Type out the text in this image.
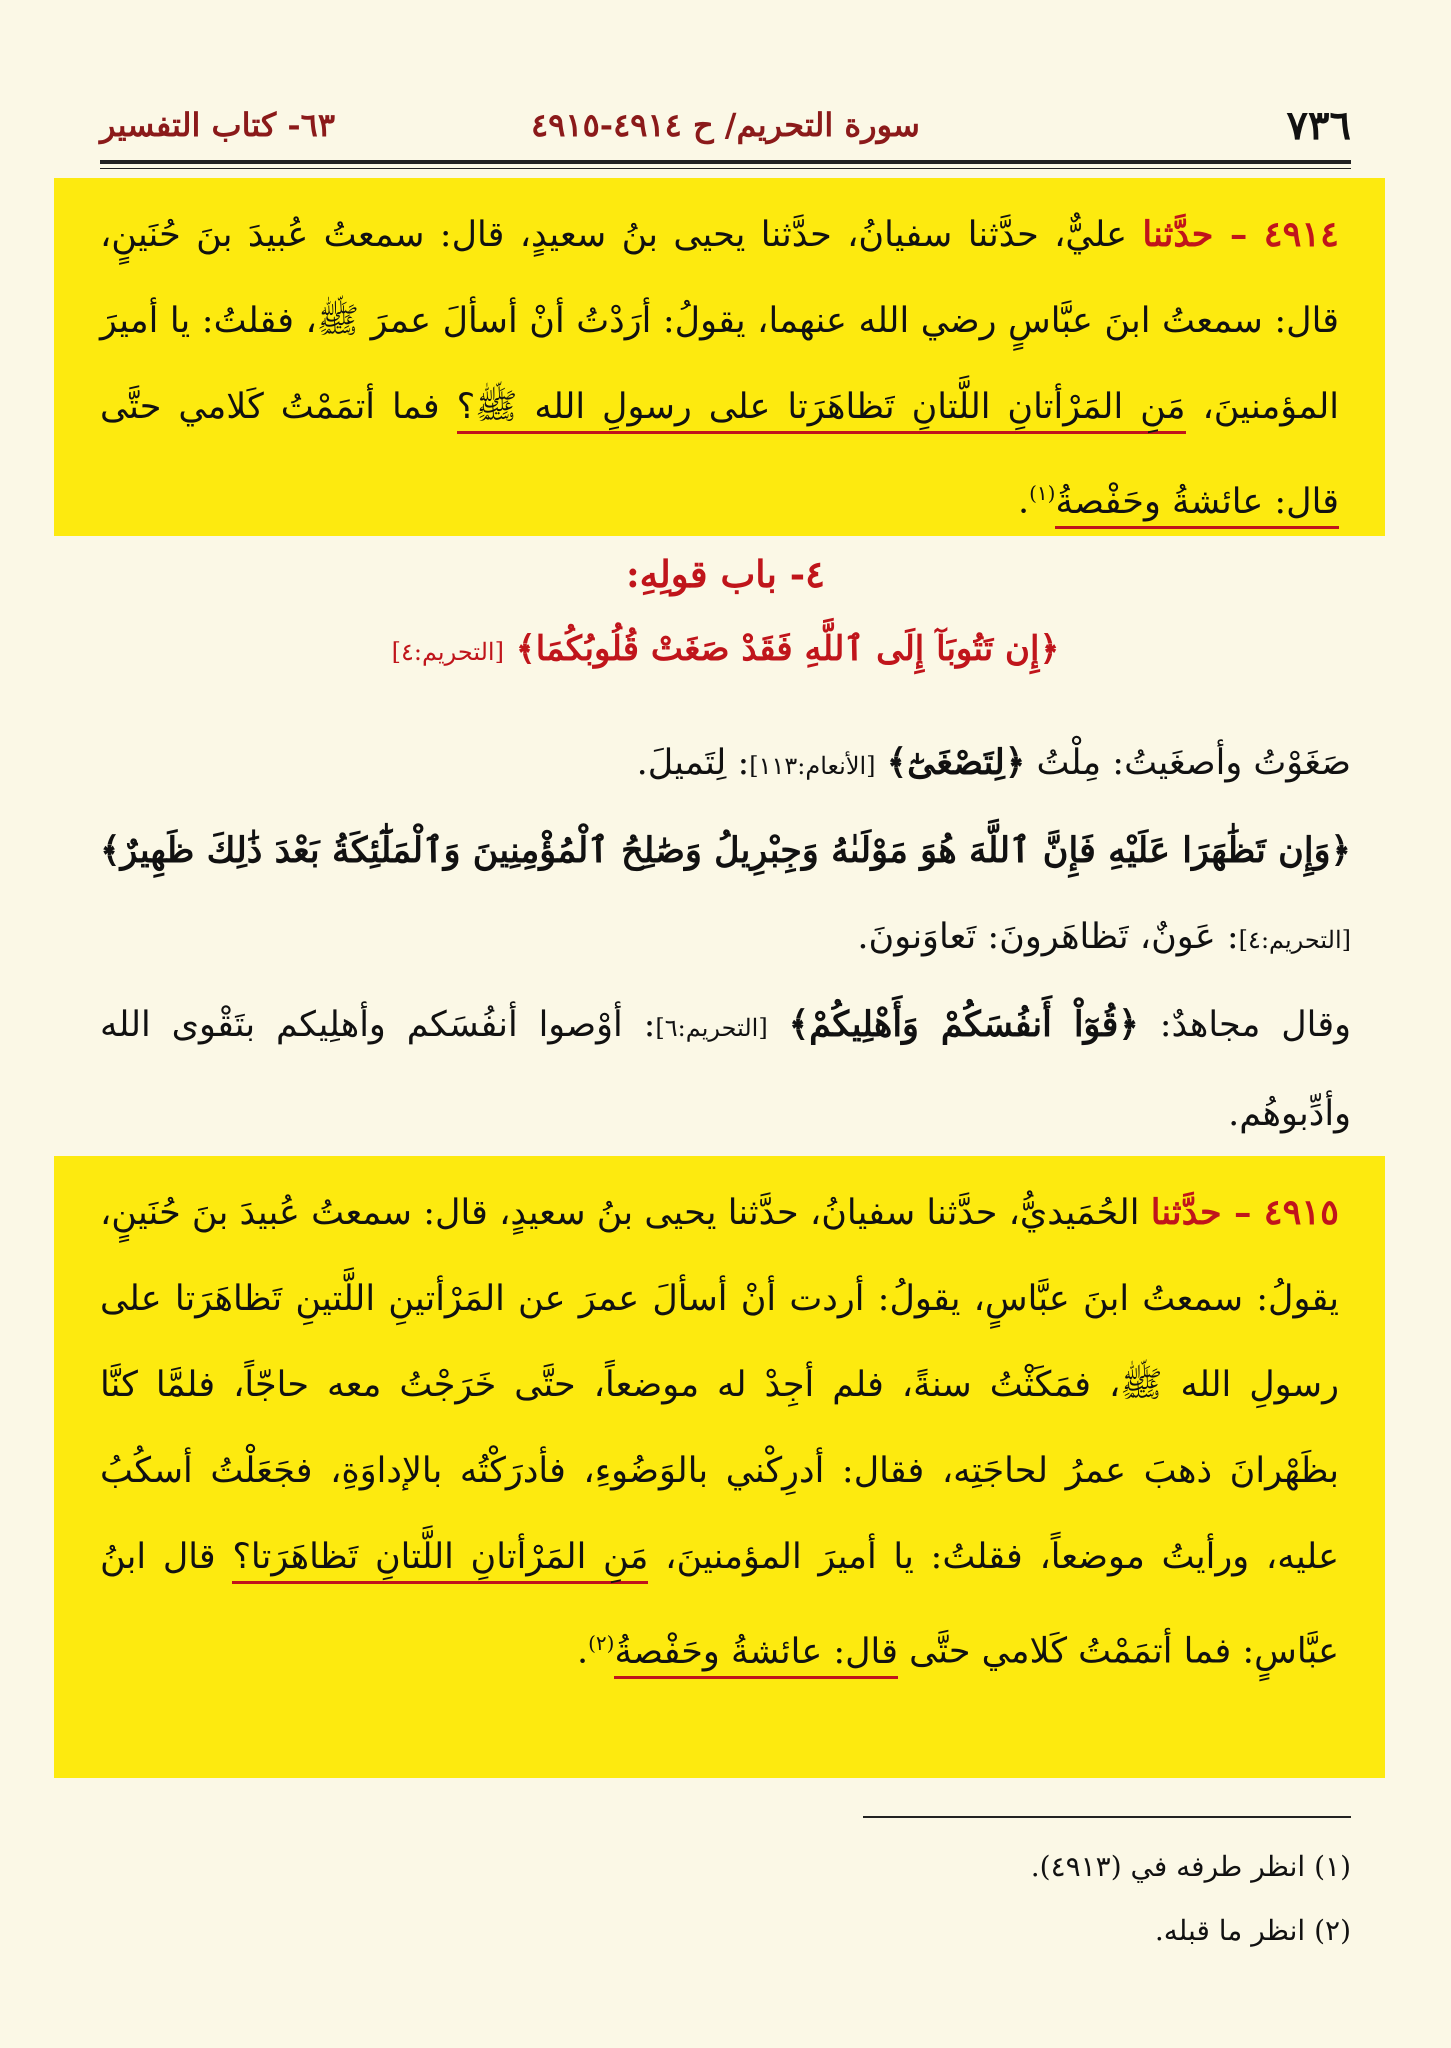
٧٣٦
سورة التحريم/ ح ٤٩١٤-٤٩١٥
٦٣- كتاب التفسير

٤٩١٤ – حدَّثنا عليٌّ، حدَّثنا سفيانُ، حدَّثنا يحيى بنُ سعيدٍ، قال: سمعتُ عُبيدَ بنَ حُنَينٍ، قال: سمعتُ ابنَ عبَّاسٍ رضي الله عنهما، يقولُ: أرَدْتُ أنْ أسألَ عمرَ ﷺ، فقلتُ: يا أميرَ المؤمنينَ، مَنِ المَرْأتانِ اللَّتانِ تَظاهَرَتا على رسولِ الله ﷺ؟ فما أتمَمْتُ كَلامي حتَّى قال: عائشةُ وحَفْصةُ$^{(١)}$.

٤- باب قولِهِ:
﴿إِن تَتُوبَآ إِلَى ٱللَّهِ فَقَدْ صَغَتْ قُلُوبُكُمَا﴾ [التحريم:٤]

صَغَوْتُ وأصغَيتُ: مِلْتُ ﴿لِتَصْغَىٰٓ﴾ [الأنعام:١١٣]: لِتَميلَ.

﴿وَإِن تَظَٰهَرَا عَلَيْهِ فَإِنَّ ٱللَّهَ هُوَ مَوْلَىٰهُ وَجِبْرِيلُ وَصَٰلِحُ ٱلْمُؤْمِنِينَ وَٱلْمَلَٰٓئِكَةُ بَعْدَ ذَٰلِكَ ظَهِيرٌ﴾ [التحريم:٤]: عَونٌ، تَظاهَرونَ: تَعاوَنونَ.

وقال مجاهدٌ: ﴿قُوٓاْ أَنفُسَكُمْ وَأَهْلِيكُمْ﴾ [التحريم:٦]: أوْصوا أنفُسَكم وأهلِيكم بتَقْوى الله وأدِّبوهُم.

٤٩١٥ – حدَّثنا الحُمَيديُّ، حدَّثنا سفيانُ، حدَّثنا يحيى بنُ سعيدٍ، قال: سمعتُ عُبيدَ بنَ حُنَينٍ، يقولُ: سمعتُ ابنَ عبَّاسٍ، يقولُ: أردت أنْ أسألَ عمرَ عن المَرْأتينِ اللَّتينِ تَظاهَرَتا على رسولِ الله ﷺ، فمَكَثْتُ سنةً، فلم أجِدْ له موضعاً، حتَّى خَرَجْتُ معه حاجّاً، فلمَّا كنَّا بظَهْرانَ ذهبَ عمرُ لحاجَتِه، فقال: أدرِكْني بالوَضُوءِ، فأدرَكْتُه بالإداوَةِ، فجَعَلْتُ أسكُبُ عليه، ورأيتُ موضعاً، فقلتُ: يا أميرَ المؤمنينَ، مَنِ المَرْأتانِ اللَّتانِ تَظاهَرَتا؟ قال ابنُ عبَّاسٍ: فما أتمَمْتُ كَلامي حتَّى قال: عائشةُ وحَفْصةُ$^{(٢)}$.

(١) انظر طرفه في (٤٩١٣).
(٢) انظر ما قبله.
